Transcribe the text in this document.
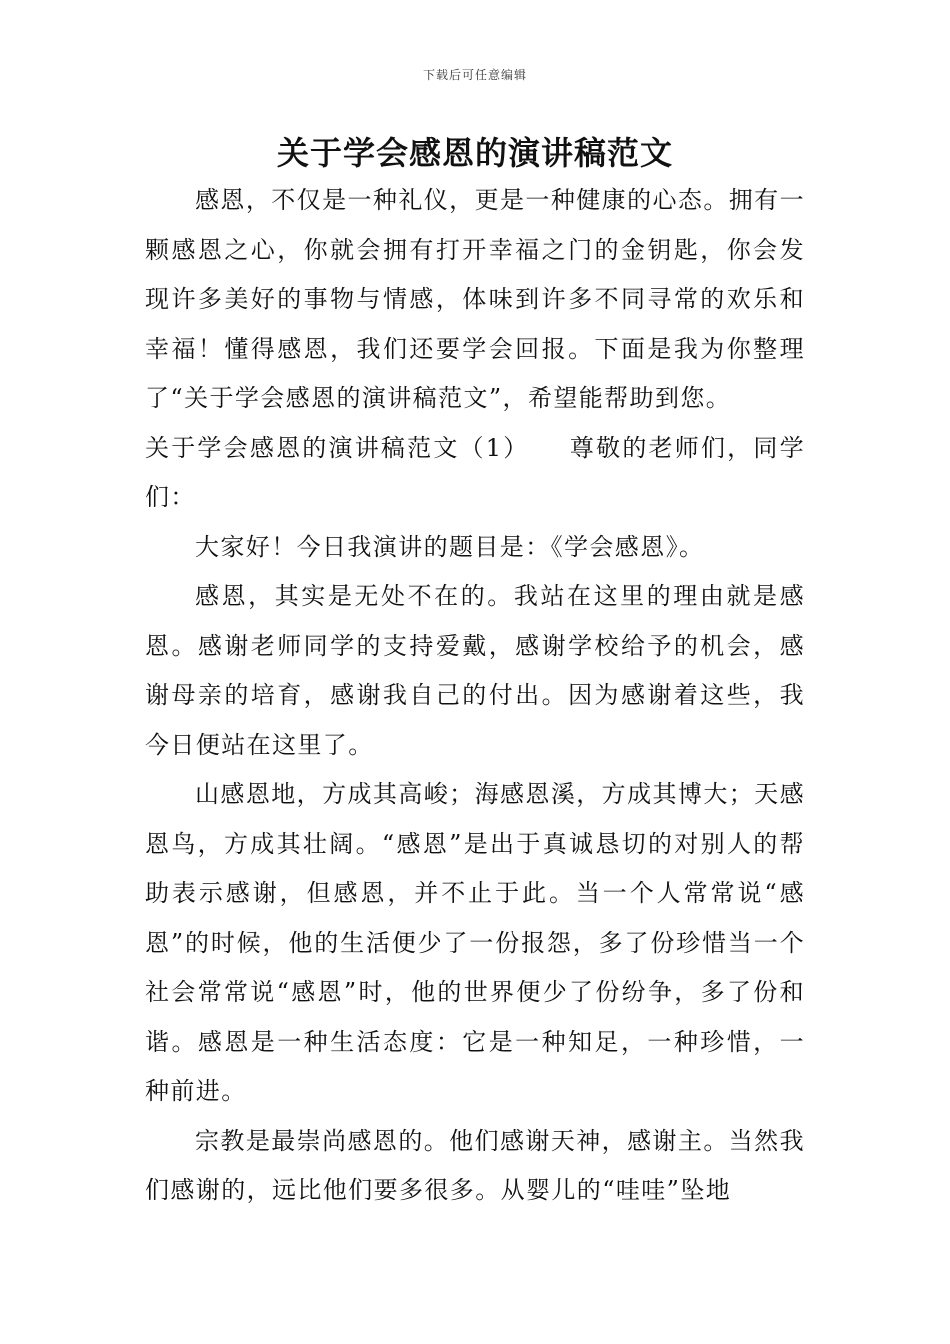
下载后可任意编辑
关于学会感恩的演讲稿范文

感恩，不仅是一种礼仪，更是一种健康的心态。拥有一颗感恩之心，你就会拥有打开幸福之门的金钥匙，你会发现许多美好的事物与情感，体味到许多不同寻常的欢乐和幸福！懂得感恩，我们还要学会回报。下面是我为你整理了“关于学会感恩的演讲稿范文”，希望能帮助到您。

关于学会感恩的演讲稿范文（1）　　尊敬的老师们，同学们：

大家好！今日我演讲的题目是：《学会感恩》。

感恩，其实是无处不在的。我站在这里的理由就是感恩。感谢老师同学的支持爱戴，感谢学校给予的机会，感谢母亲的培育，感谢我自己的付出。因为感谢着这些，我今日便站在这里了。

山感恩地，方成其高峻；海感恩溪，方成其博大；天感恩鸟，方成其壮阔。“感恩”是出于真诚恳切的对别人的帮助表示感谢，但感恩，并不止于此。当一个人常常说“感恩”的时候，他的生活便少了一份报怨，多了份珍惜当一个社会常常说“感恩”时，他的世界便少了份纷争，多了份和谐。感恩是一种生活态度：它是一种知足，一种珍惜，一种前进。

宗教是最崇尚感恩的。他们感谢天神，感谢主。当然我们感谢的，远比他们要多很多。从婴儿的“哇哇”坠地
